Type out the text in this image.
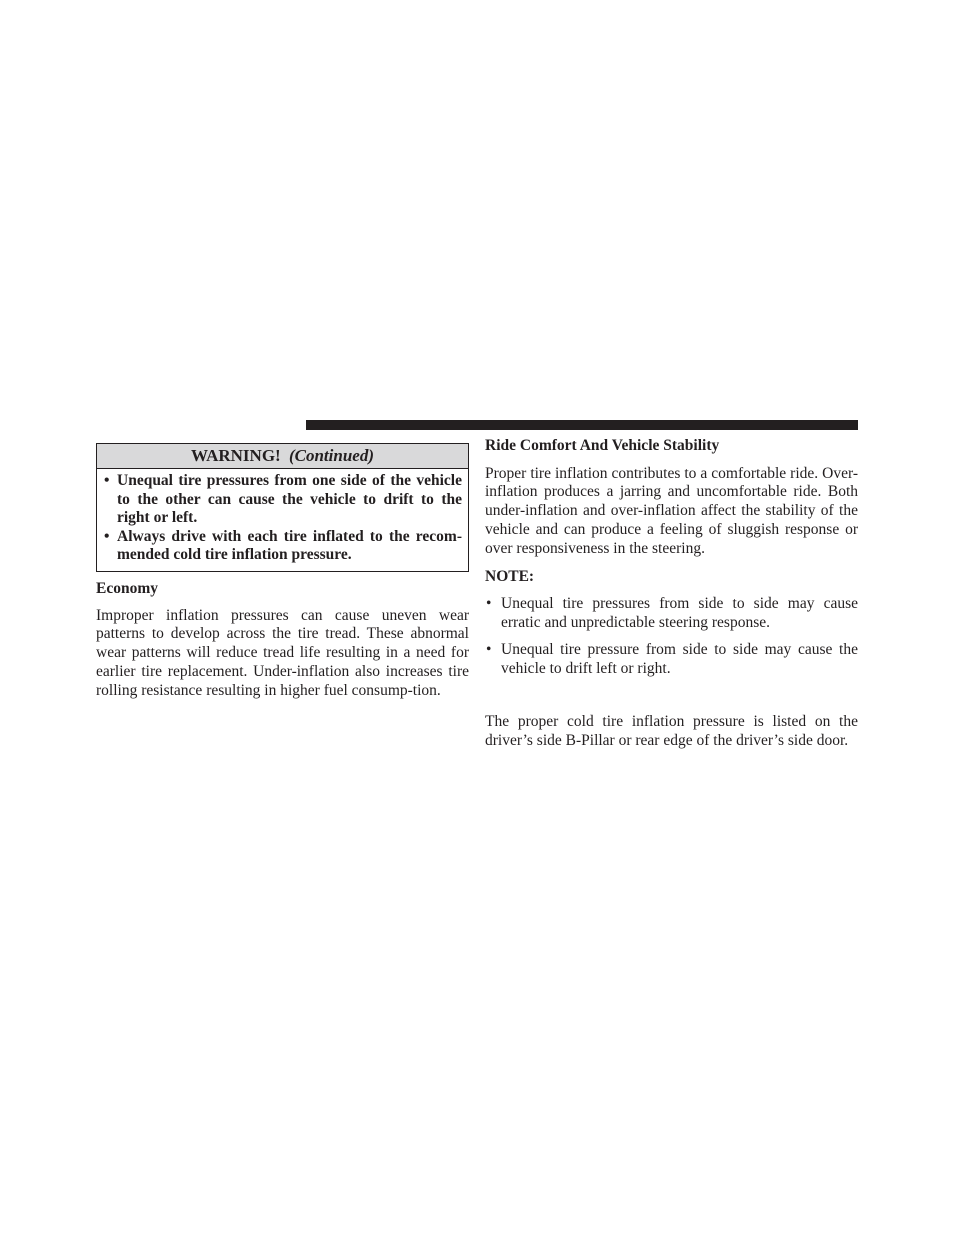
WARNING! (Continued)
• Unequal tire pressures from one side of the vehicle to the other can cause the vehicle to drift to the right or left.
• Always drive with each tire inflated to the recom-mended cold tire inflation pressure.
Economy

Improper inflation pressures can cause uneven wear patterns to develop across the tire tread. These abnormal wear patterns will reduce tread life resulting in a need for earlier tire replacement. Under-inflation also increases tire rolling resistance resulting in higher fuel consump-tion.

Ride Comfort And Vehicle Stability

Proper tire inflation contributes to a comfortable ride. Over-inflation produces a jarring and uncomfortable ride. Both under-inflation and over-inflation affect the stability of the vehicle and can produce a feeling of sluggish response or over responsiveness in the steering.

NOTE:
• Unequal tire pressures from side to side may cause erratic and unpredictable steering response.
• Unequal tire pressure from side to side may cause the vehicle to drift left or right.

The proper cold tire inflation pressure is listed on the driver’s side B-Pillar or rear edge of the driver’s side door.
